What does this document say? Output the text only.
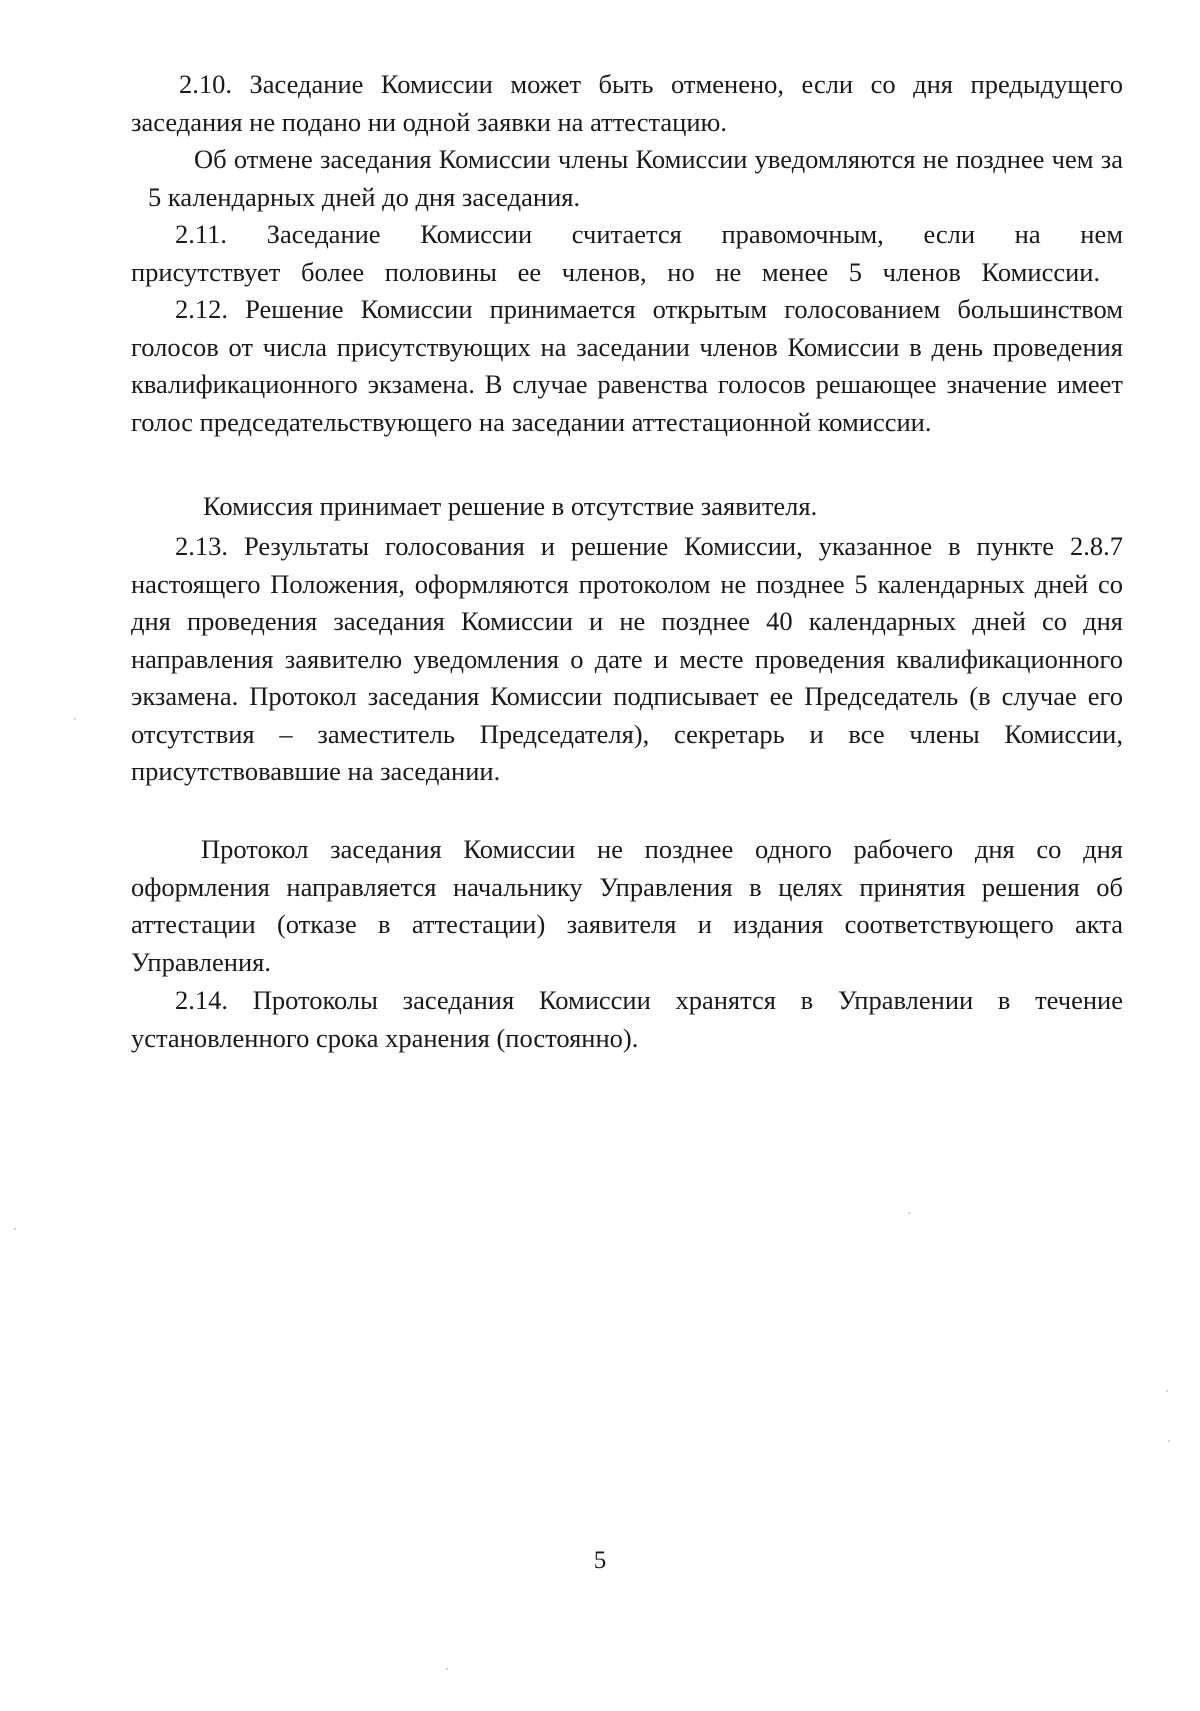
2.10. Заседание Комиссии может быть отменено, если со дня предыдущего заседания не подано ни одной заявки на аттестацию.

Об отмене заседания Комиссии члены Комиссии уведомляются не позднее чем за 5 календарных дней до дня заседания.

2.11. Заседание Комиссии считается правомочным, если на нем присутствует более половины ее членов, но не менее 5 членов Комиссии.

2.12. Решение Комиссии принимается открытым голосованием большинством голосов от числа присутствующих на заседании членов Комиссии в день проведения квалификационного экзамена. В случае равенства голосов решающее значение имеет голос председательствующего на заседании аттестационной комиссии.

Комиссия принимает решение в отсутствие заявителя.

2.13. Результаты голосования и решение Комиссии, указанное в пункте 2.8.7 настоящего Положения, оформляются протоколом не позднее 5 календарных дней со дня проведения заседания Комиссии и не позднее 40 календарных дней со дня направления заявителю уведомления о дате и месте проведения квалификационного экзамена. Протокол заседания Комиссии подписывает ее Председатель (в случае его отсутствия – заместитель Председателя), секретарь и все члены Комиссии, присутствовавшие на заседании.

Протокол заседания Комиссии не позднее одного рабочего дня со дня оформления направляется начальнику Управления в целях принятия решения об аттестации (отказе в аттестации) заявителя и издания соответствующего акта Управления.

2.14. Протоколы заседания Комиссии хранятся в Управлении в течение установленного срока хранения (постоянно).

5
